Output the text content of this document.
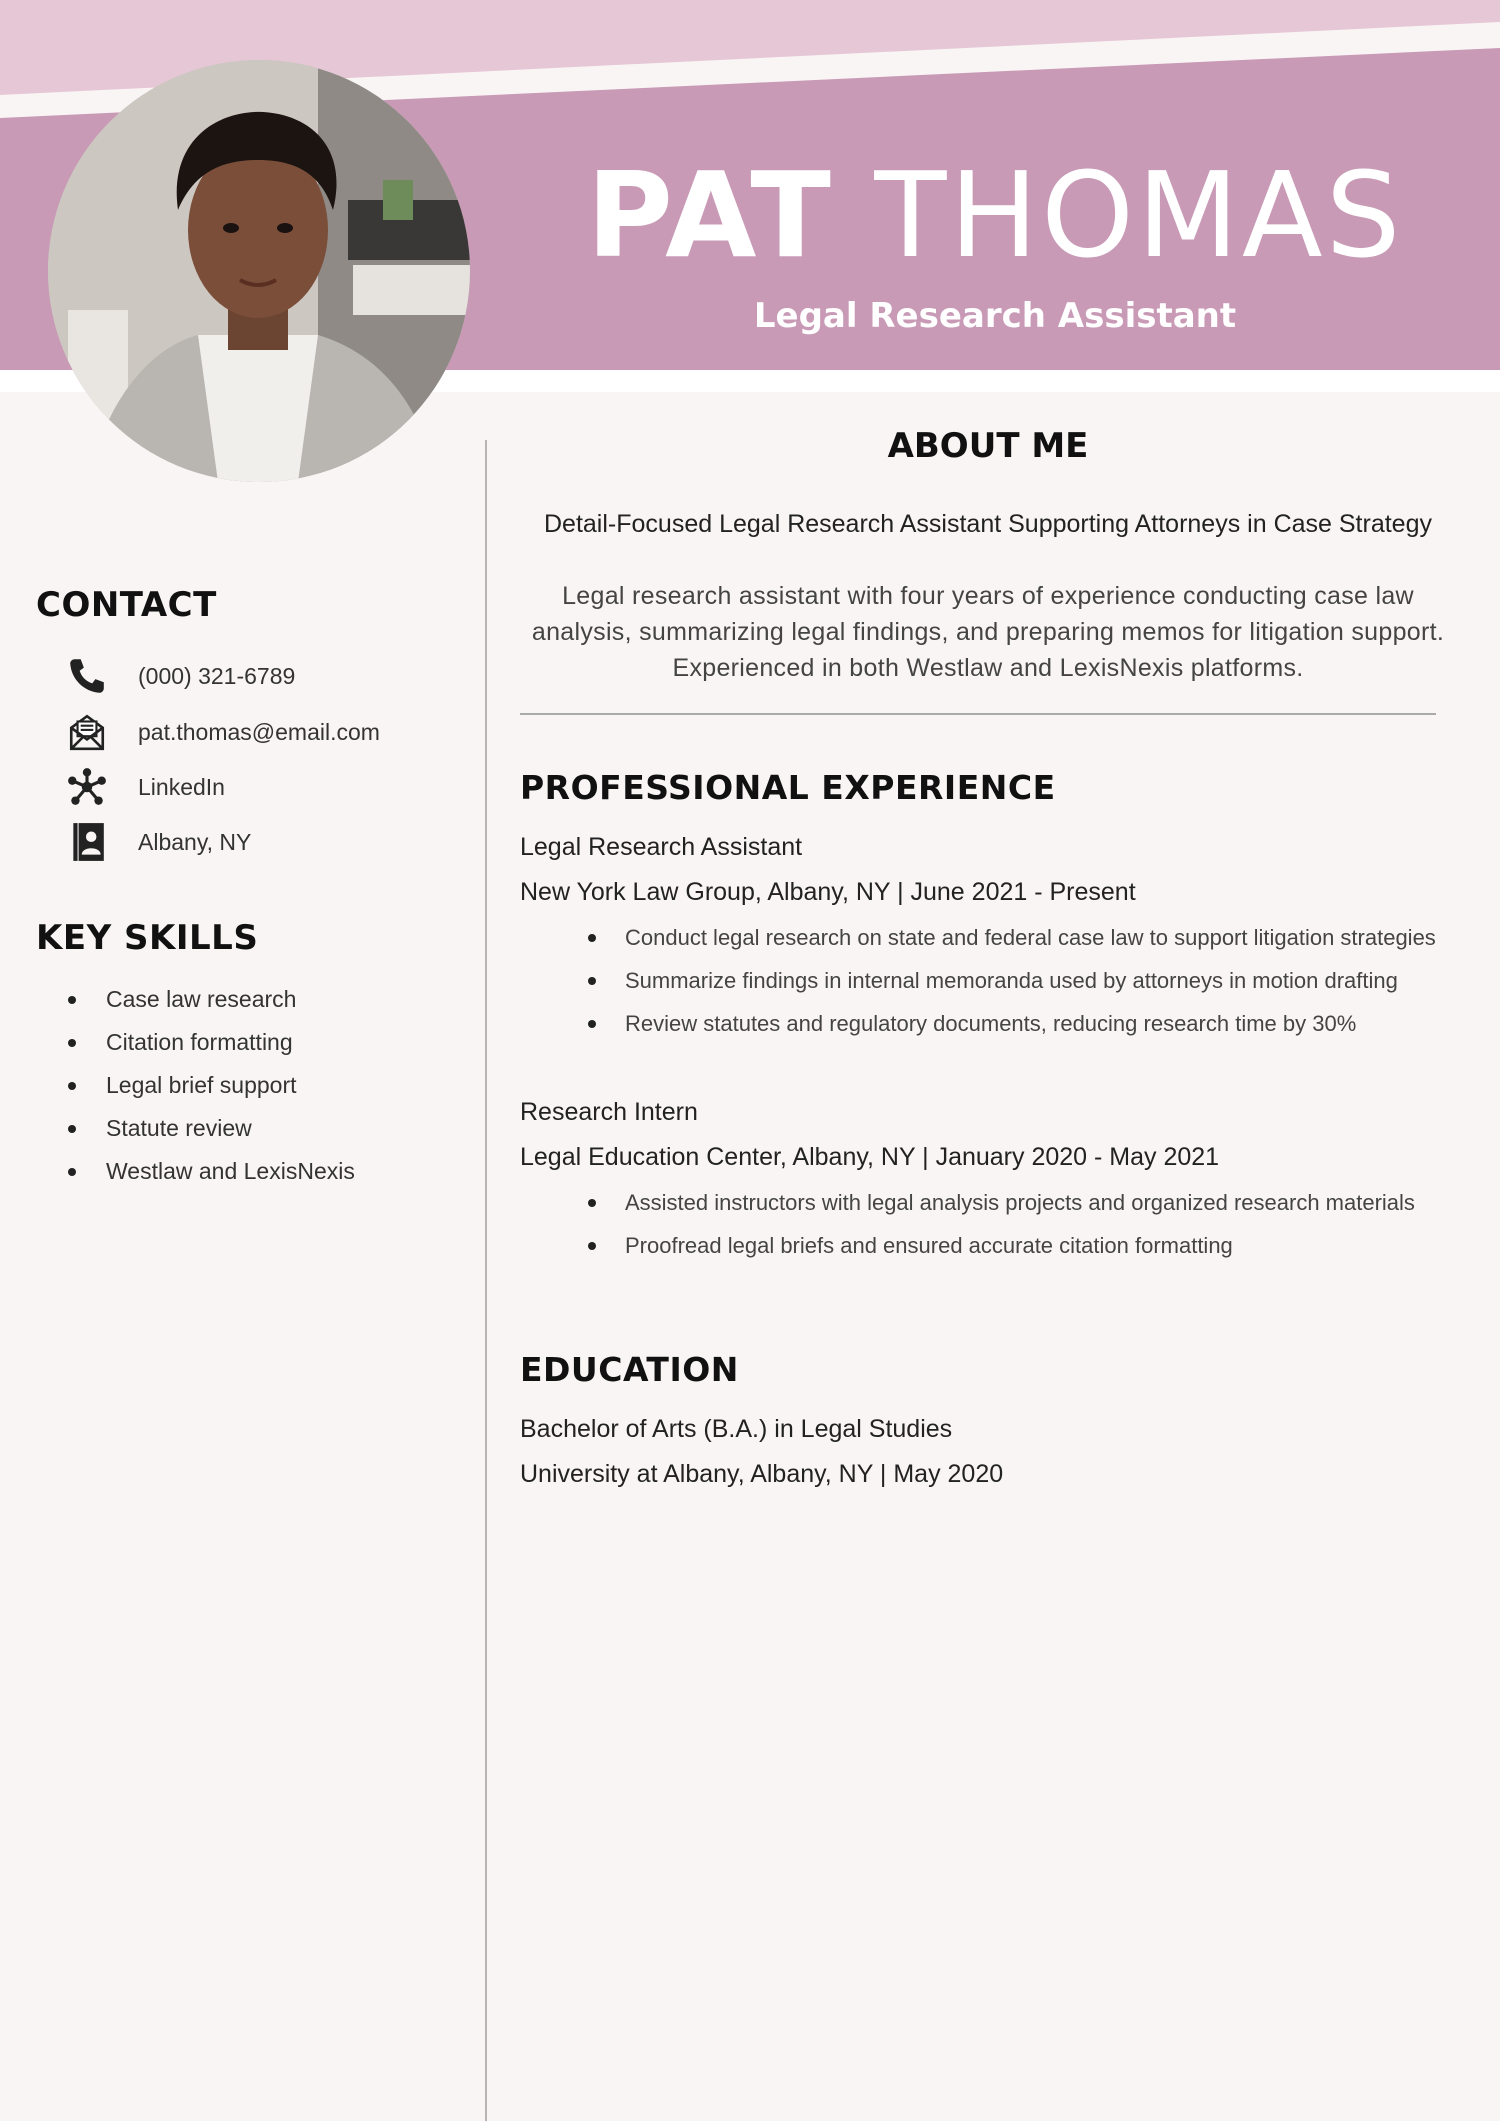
PAT THOMAS
Legal Research Assistant
CONTACT
(000) 321-6789
pat.thomas@email.com
LinkedIn
Albany, NY
KEY SKILLS
Case law research
Citation formatting
Legal brief support
Statute review
Westlaw and LexisNexis
ABOUT ME
Detail-Focused Legal Research Assistant Supporting Attorneys in Case Strategy
Legal research assistant with four years of experience conducting case law analysis, summarizing legal findings, and preparing memos for litigation support. Experienced in both Westlaw and LexisNexis platforms.
PROFESSIONAL EXPERIENCE
Legal Research Assistant
New York Law Group, Albany, NY | June 2021 - Present
Conduct legal research on state and federal case law to support litigation strategies
Summarize findings in internal memoranda used by attorneys in motion drafting
Review statutes and regulatory documents, reducing research time by 30%
Research Intern
Legal Education Center, Albany, NY | January 2020 - May 2021
Assisted instructors with legal analysis projects and organized research materials
Proofread legal briefs and ensured accurate citation formatting
EDUCATION
Bachelor of Arts (B.A.) in Legal Studies
University at Albany, Albany, NY | May 2020
